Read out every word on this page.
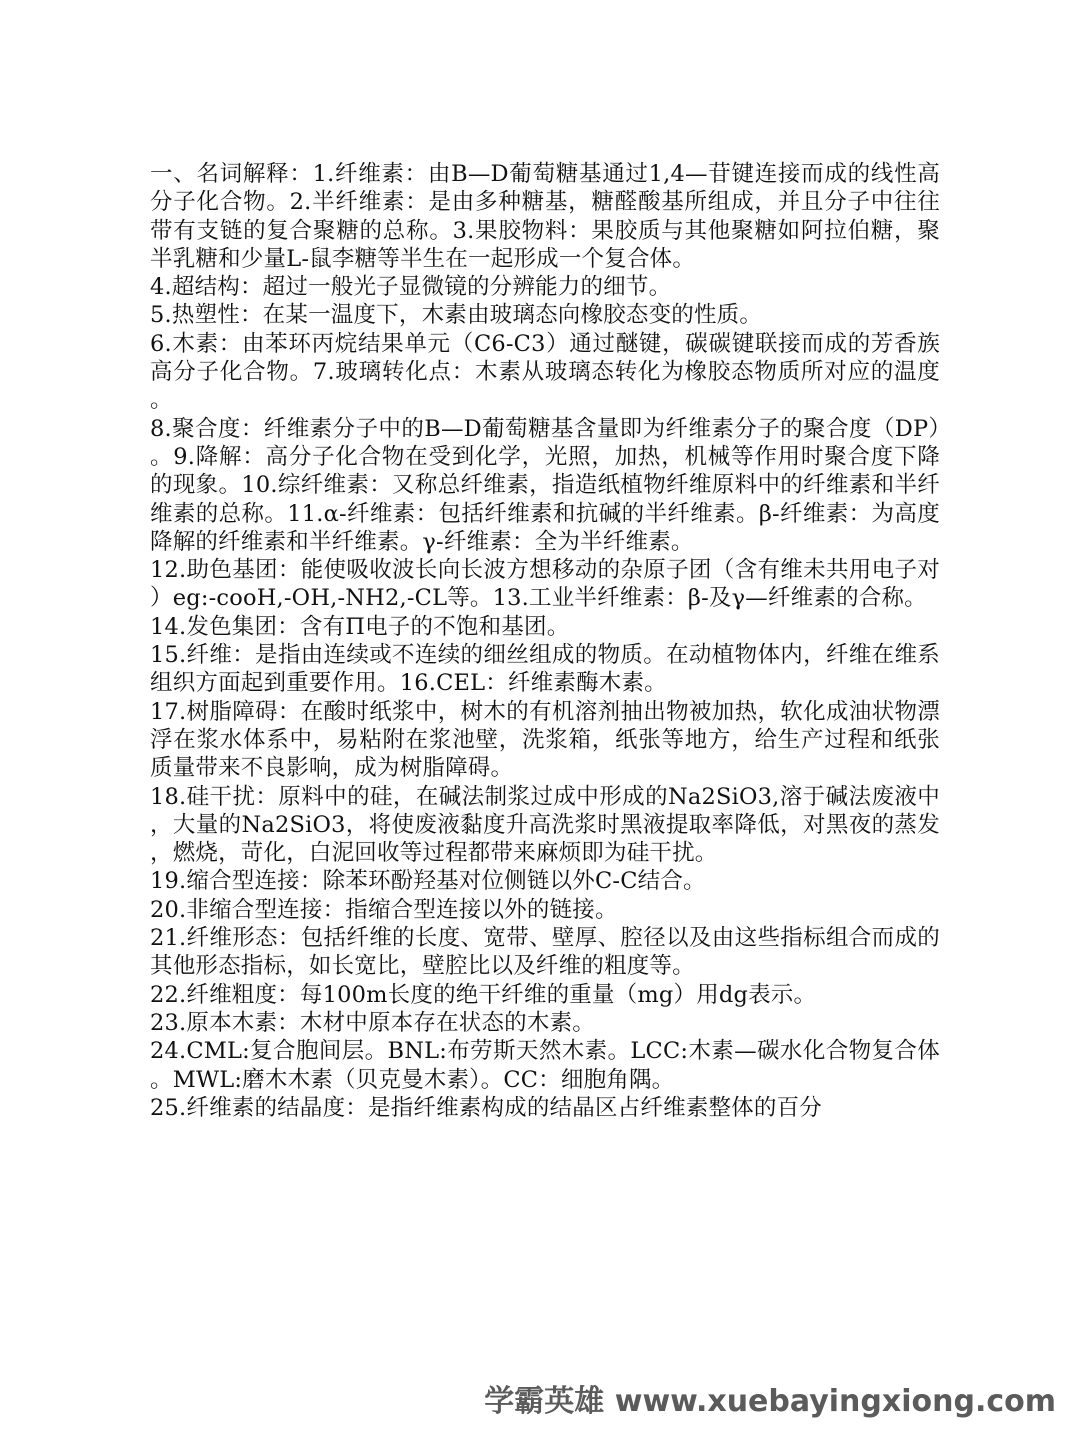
一、名词解释：1.纤维素：由B—D葡萄糖基通过1,4—苷键连接而成的线性高分子化合物。2.半纤维素：是由多种糖基，糖醛酸基所组成，并且分子中往往带有支链的复合聚糖的总称。3.果胶物料：果胶质与其他聚糖如阿拉伯糖，聚半乳糖和少量L-鼠李糖等半生在一起形成一个复合体。

4.超结构：超过一般光子显微镜的分辨能力的细节。

5.热塑性：在某一温度下，木素由玻璃态向橡胶态变的性质。

6.木素：由苯环丙烷结果单元（C6-C3）通过醚键，碳碳键联接而成的芳香族高分子化合物。7.玻璃转化点：木素从玻璃态转化为橡胶态物质所对应的温度。

8.聚合度：纤维素分子中的B—D葡萄糖基含量即为纤维素分子的聚合度（DP）。9.降解：高分子化合物在受到化学，光照，加热，机械等作用时聚合度下降的现象。10.综纤维素：又称总纤维素，指造纸植物纤维原料中的纤维素和半纤维素的总称。11.α-纤维素：包括纤维素和抗碱的半纤维素。β-纤维素：为高度降解的纤维素和半纤维素。γ-纤维素：全为半纤维素。

12.助色基团：能使吸收波长向长波方想移动的杂原子团（含有维未共用电子对）eg:-cooH,-OH,-NH2,-CL等。13.工业半纤维素：β-及γ—纤维素的合称。

14.发色集团：含有Π电子的不饱和基团。

15.纤维：是指由连续或不连续的细丝组成的物质。在动植物体内，纤维在维系组织方面起到重要作用。16.CEL：纤维素酶木素。

17.树脂障碍：在酸时纸浆中，树木的有机溶剂抽出物被加热，软化成油状物漂浮在浆水体系中，易粘附在浆池壁，洗浆箱，纸张等地方，给生产过程和纸张质量带来不良影响，成为树脂障碍。

18.硅干扰：原料中的硅，在碱法制浆过成中形成的Na2SiO3,溶于碱法废液中，大量的Na2SiO3，将使废液黏度升高洗浆时黑液提取率降低，对黑夜的蒸发，燃烧，苛化，白泥回收等过程都带来麻烦即为硅干扰。

19.缩合型连接：除苯环酚羟基对位侧链以外C-C结合。

20.非缩合型连接：指缩合型连接以外的链接。

21.纤维形态：包括纤维的长度、宽带、壁厚、腔径以及由这些指标组合而成的其他形态指标，如长宽比，壁腔比以及纤维的粗度等。

22.纤维粗度：每100m长度的绝干纤维的重量（mg）用dg表示。

23.原本木素：木材中原本存在状态的木素。

24.CML:复合胞间层。BNL:布劳斯天然木素。LCC:木素—碳水化合物复合体。MWL:磨木木素（贝克曼木素）。CC：细胞角隅。

25.纤维素的结晶度：是指纤维素构成的结晶区占纤维素整体的百分

学霸英雄 www.xuebayingxiong.com
